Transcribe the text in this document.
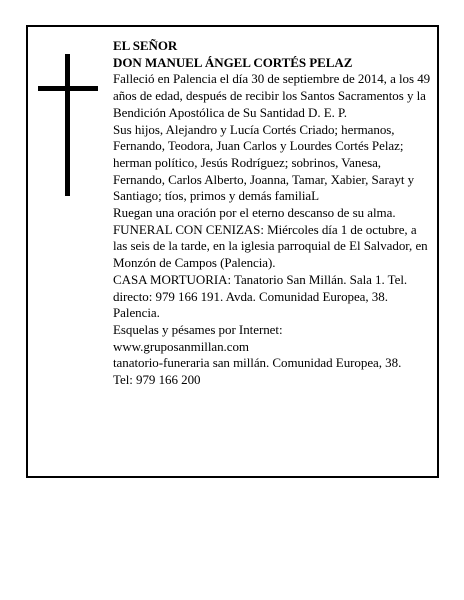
EL SEÑOR

DON MANUEL ÁNGEL CORTÉS PELAZ

Falleció en Palencia el día 30 de septiembre de 2014, a los 49 años de edad, después de recibir los Santos Sacramentos y la Bendición Apostólica de Su Santidad D. E. P.

Sus hijos, Alejandro y Lucía Cortés Criado; hermanos, Fernando, Teodora, Juan Carlos y Lourdes Cortés Pelaz; herman político, Jesús Rodríguez; sobrinos, Vanesa, Fernando, Carlos Alberto, Joanna, Tamar, Xabier, Sarayt y Santiago; tíos, primos y demás familiaL

Ruegan una oración por el eterno descanso de su alma.

FUNERAL CON CENIZAS: Miércoles día 1 de octubre, a las seis de la tarde, en la iglesia parroquial de El Salvador, en Monzón de Campos (Palencia).

CASA MORTUORIA: Tanatorio San Millán. Sala 1. Tel. directo: 979 166 191. Avda. Comunidad Europea, 38. Palencia.

Esquelas y pésames por Internet:

www.gruposanmillan.com

tanatorio-funeraria san millán. Comunidad Europea, 38.

Tel: 979 166 200
